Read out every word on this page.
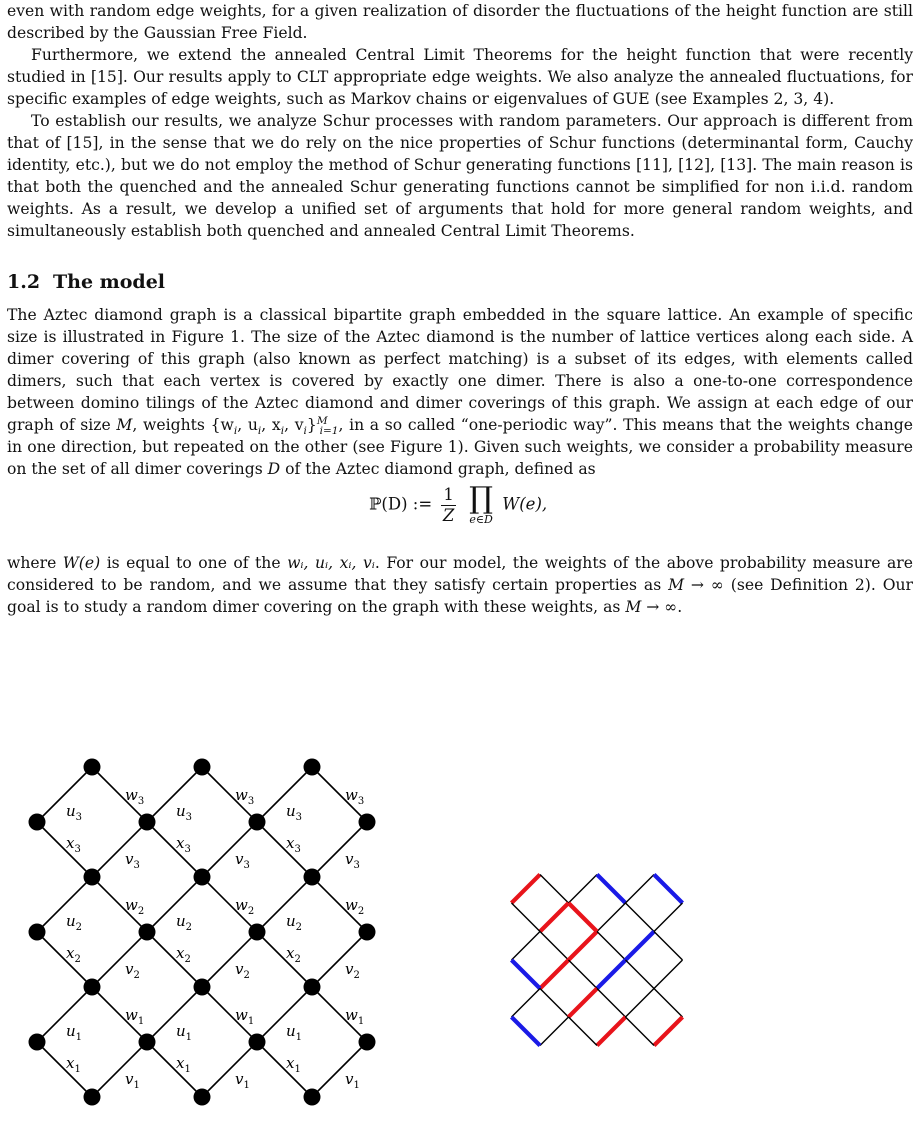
even with random edge weights, for a given realization of disorder the fluctuations of the height function are still described by the Gaussian Free Field.

Furthermore, we extend the annealed Central Limit Theorems for the height function that were recently studied in [15]. Our results apply to CLT appropriate edge weights. We also analyze the annealed fluctuations, for specific examples of edge weights, such as Markov chains or eigenvalues of GUE (see Examples 2, 3, 4).

To establish our results, we analyze Schur processes with random parameters. Our approach is different from that of [15], in the sense that we do rely on the nice properties of Schur functions (determinantal form, Cauchy identity, etc.), but we do not employ the method of Schur generating functions [11], [12], [13]. The main reason is that both the quenched and the annealed Schur generating functions cannot be simplified for non i.i.d. random weights. As a result, we develop a unified set of arguments that hold for more general random weights, and simultaneously establish both quenched and annealed Central Limit Theorems.

1.2 The model

The Aztec diamond graph is a classical bipartite graph embedded in the square lattice. An example of specific size is illustrated in Figure 1. The size of the Aztec diamond is the number of lattice vertices along each side. A dimer covering of this graph (also known as perfect matching) is a subset of its edges, with elements called dimers, such that each vertex is covered by exactly one dimer. There is also a one-to-one correspondence between domino tilings of the Aztec diamond and dimer coverings of this graph. We assign at each edge of our graph of size M, weights {$w_i$, $u_i$, $x_i$, $v_i\}^M_{i=1}$, in a so called “one-periodic way”. This means that the weights change in one direction, but repeated on the other (see Figure 1). Given such weights, we consider a probability measure on the set of all dimer coverings D of the Aztec diamond graph, defined as

ℙ(D) := $\frac{1}{Z}$
∏
e∈D
W(e),

where W(e) is equal to one of the wᵢ, uᵢ, xᵢ, vᵢ. For our model, the weights of the above probability measure are considered to be random, and we assume that they satisfy certain properties as M → ∞ (see Definition 2). Our goal is to study a random dimer covering on the graph with these weights, as M → ∞.

$w_3$
$u_3$
$x_3$
$v_3$
$w_3$
$u_3$
$x_3$
$v_3$
$w_3$
$u_3$
$x_3$
$v_3$
$w_2$
$u_2$
$x_2$
$v_2$
$w_2$
$u_2$
$x_2$
$v_2$
$w_2$
$u_2$
$x_2$
$v_2$
$w_1$
$u_1$
$x_1$
$v_1$
$w_1$
$u_1$
$x_1$
$v_1$
$w_1$
$u_1$
$x_1$
$v_1$
